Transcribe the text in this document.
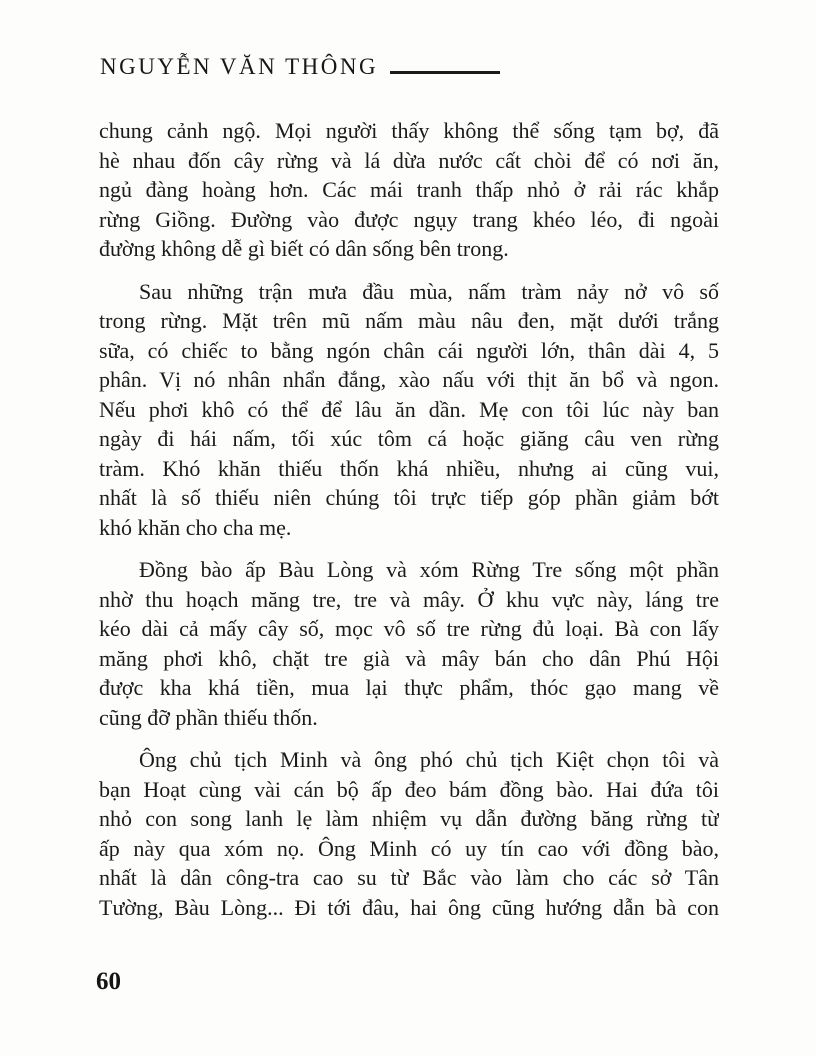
NGUYỄN VĂN THÔNG
chung cảnh ngộ. Mọi người thấy không thể sống tạm bợ, đã
hè nhau đốn cây rừng và lá dừa nước cất chòi để có nơi ăn,
ngủ đàng hoàng hơn. Các mái tranh thấp nhỏ ở rải rác khắp
rừng Giồng. Đường vào được ngụy trang khéo léo, đi ngoài
đường không dễ gì biết có dân sống bên trong.
Sau những trận mưa đầu mùa, nấm tràm nảy nở vô số
trong rừng. Mặt trên mũ nấm màu nâu đen, mặt dưới trắng
sữa, có chiếc to bằng ngón chân cái người lớn, thân dài 4, 5
phân. Vị nó nhân nhẩn đắng, xào nấu với thịt ăn bổ và ngon.
Nếu phơi khô có thể để lâu ăn dần. Mẹ con tôi lúc này ban
ngày đi hái nấm, tối xúc tôm cá hoặc giăng câu ven rừng
tràm. Khó khăn thiếu thốn khá nhiều, nhưng ai cũng vui,
nhất là số thiếu niên chúng tôi trực tiếp góp phần giảm bớt
khó khăn cho cha mẹ.
Đồng bào ấp Bàu Lòng và xóm Rừng Tre sống một phần
nhờ thu hoạch măng tre, tre và mây. Ở khu vực này, láng tre
kéo dài cả mấy cây số, mọc vô số tre rừng đủ loại. Bà con lấy
măng phơi khô, chặt tre già và mây bán cho dân Phú Hội
được kha khá tiền, mua lại thực phẩm, thóc gạo mang về
cũng đỡ phần thiếu thốn.
Ông chủ tịch Minh và ông phó chủ tịch Kiệt chọn tôi và
bạn Hoạt cùng vài cán bộ ấp đeo bám đồng bào. Hai đứa tôi
nhỏ con song lanh lẹ làm nhiệm vụ dẫn đường băng rừng từ
ấp này qua xóm nọ. Ông Minh có uy tín cao với đồng bào,
nhất là dân công-tra cao su từ Bắc vào làm cho các sở Tân
Tường, Bàu Lòng... Đi tới đâu, hai ông cũng hướng dẫn bà con
60
